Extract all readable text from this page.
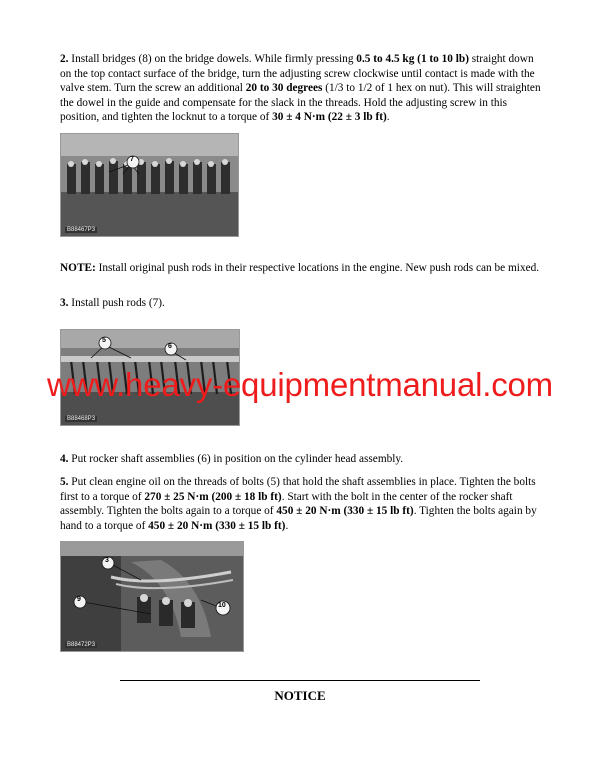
2. Install bridges (8) on the bridge dowels. While firmly pressing 0.5 to 4.5 kg (1 to 10 lb) straight down on the top contact surface of the bridge, turn the adjusting screw clockwise until contact is made with the valve stem. Turn the screw an additional 20 to 30 degrees (1/3 to 1/2 of 1 hex on nut). This will straighten the dowel in the guide and compensate for the slack in the threads. Hold the adjusting screw in this position, and tighten the locknut to a torque of 30 ± 4 N·m (22 ± 3 lb ft).

7
B88467P3

NOTE: Install original push rods in their respective locations in the engine. New push rods can be mixed.

3. Install push rods (7).

5
6
B88468P3
www.heavy-equipmentmanual.com

4. Put rocker shaft assemblies (6) in position on the cylinder head assembly.

5. Put clean engine oil on the threads of bolts (5) that hold the shaft assemblies in place. Tighten the bolts first to a torque of 270 ± 25 N·m (200 ± 18 lb ft). Start with the bolt in the center of the rocker shaft assembly. Tighten the bolts again to a torque of 450 ± 20 N·m (330 ± 15 lb ft). Tighten the bolts again by hand to a torque of 450 ± 20 N·m (330 ± 15 lb ft).

3
9
10
B88472P3
NOTICE
